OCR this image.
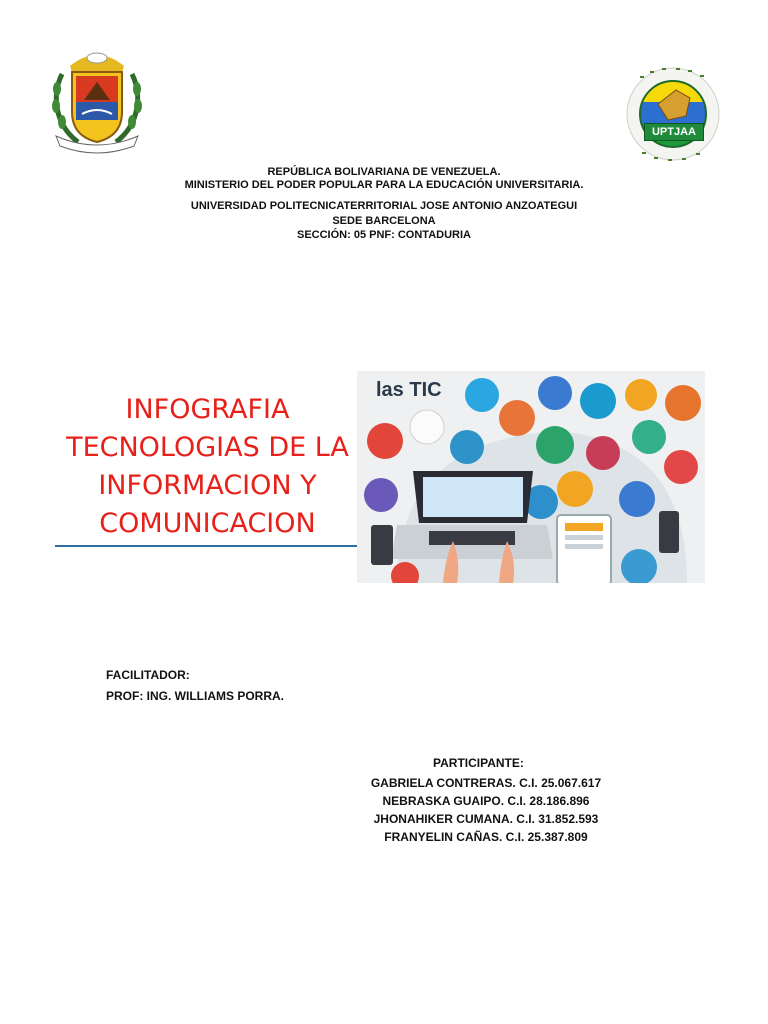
UPTJAA
REPÚBLICA BOLIVARIANA DE VENEZUELA.
MINISTERIO DEL PODER POPULAR PARA LA EDUCACIÓN UNIVERSITARIA.
UNIVERSIDAD POLITECNICATERRITORIAL JOSE ANTONIO ANZOATEGUI
SEDE BARCELONA
SECCIÓN: 05 PNF: CONTADURIA
INFOGRAFIA
TECNOLOGIAS DE LA
INFORMACION Y
COMUNICACION
las TIC
FACILITADOR:
PROF: ING. WILLIAMS PORRA.
PARTICIPANTE:
GABRIELA CONTRERAS. C.I. 25.067.617
NEBRASKA GUAIPO. C.I. 28.186.896
JHONAHIKER CUMANA. C.I. 31.852.593
FRANYELIN CAÑAS. C.I. 25.387.809
